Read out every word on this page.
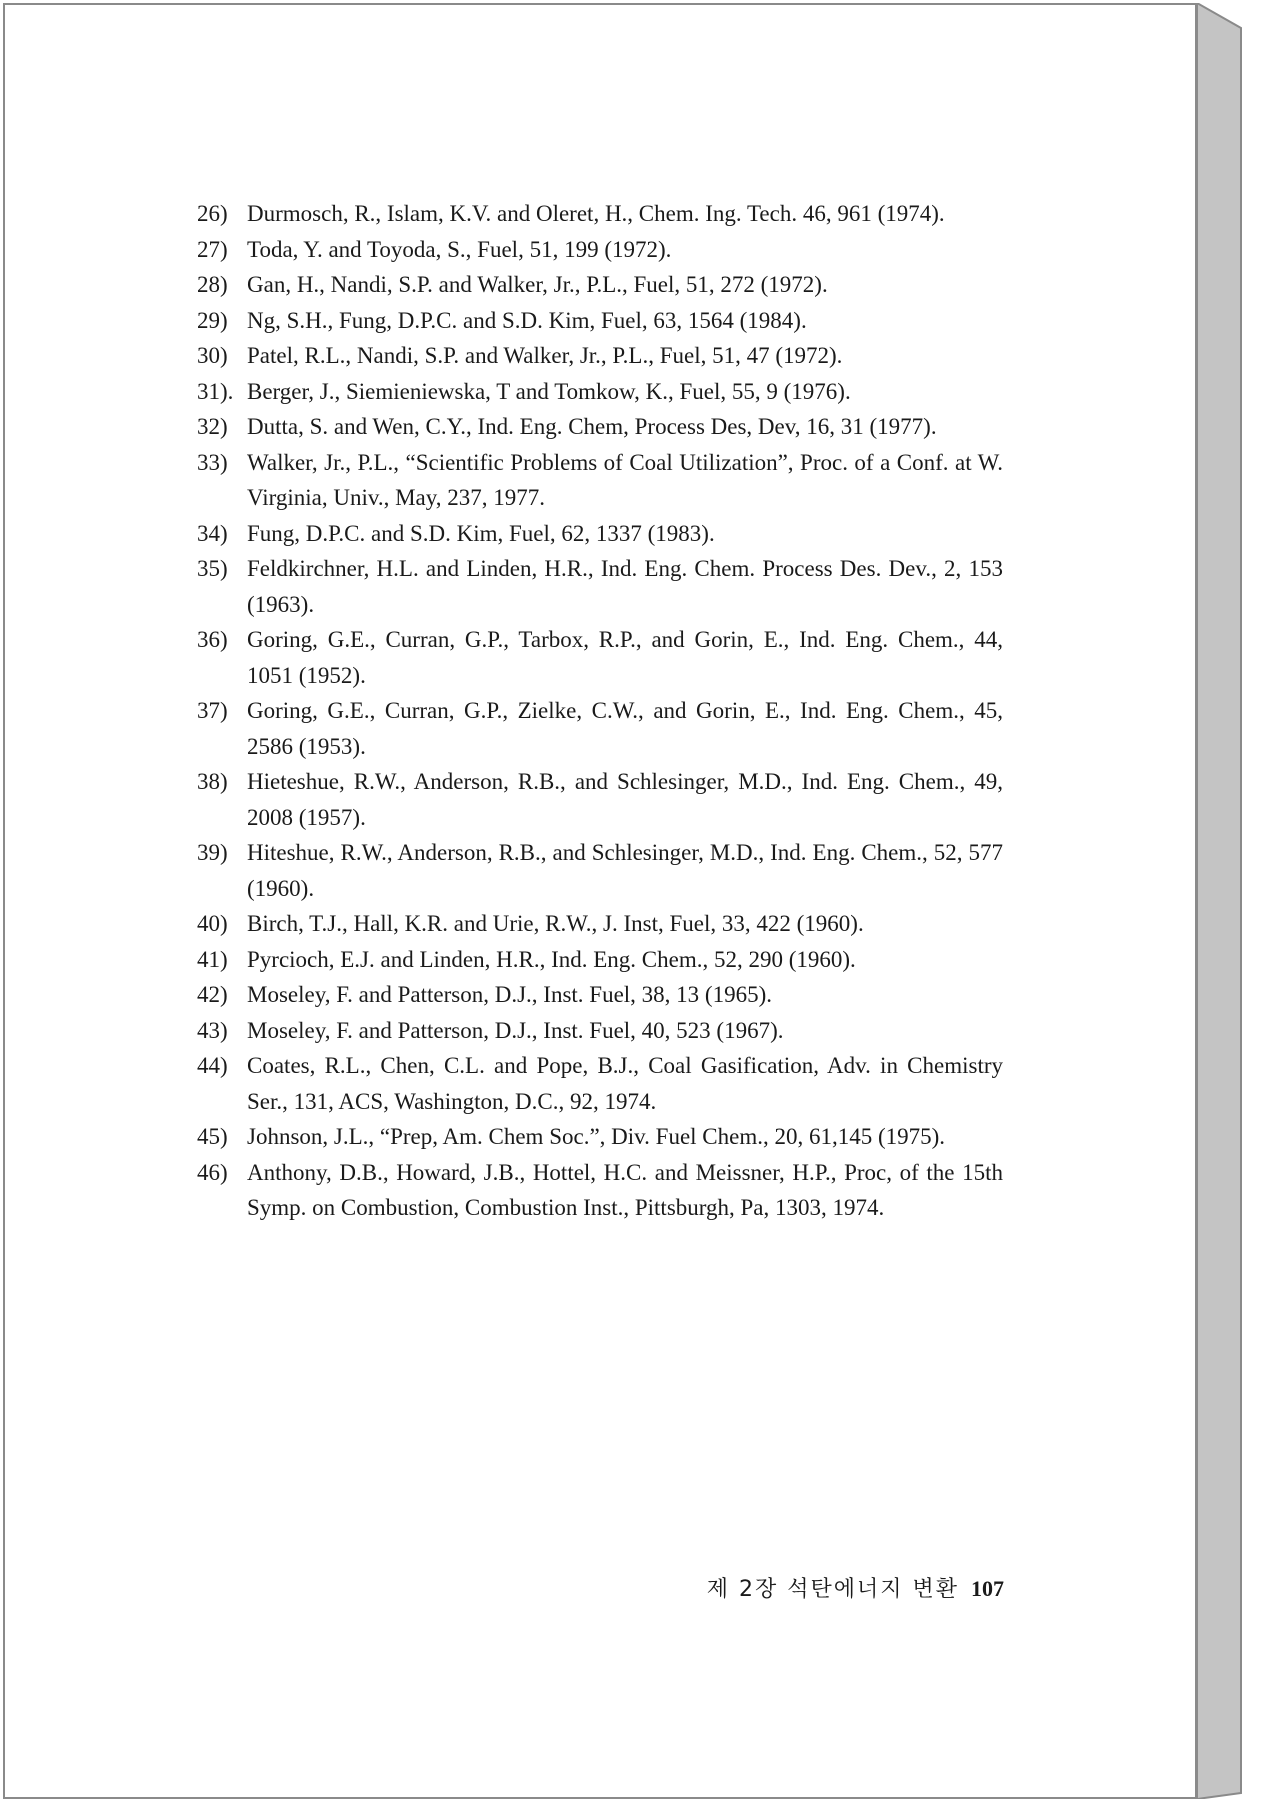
26) Durmosch, R., Islam, K.V. and Oleret, H., Chem. Ing. Tech. 46, 961 (1974).
27) Toda, Y. and Toyoda, S., Fuel, 51, 199 (1972).
28) Gan, H., Nandi, S.P. and Walker, Jr., P.L., Fuel, 51, 272 (1972).
29) Ng, S.H., Fung, D.P.C. and S.D. Kim, Fuel, 63, 1564 (1984).
30) Patel, R.L., Nandi, S.P. and Walker, Jr., P.L., Fuel, 51, 47 (1972).
31). Berger, J., Siemieniewska, T and Tomkow, K., Fuel, 55, 9 (1976).
32) Dutta, S. and Wen, C.Y., Ind. Eng. Chem, Process Des, Dev, 16, 31 (1977).
33) Walker, Jr., P.L., “Scientific Problems of Coal Utilization”, Proc. of a Conf. at W. Virginia, Univ., May, 237, 1977.
34) Fung, D.P.C. and S.D. Kim, Fuel, 62, 1337 (1983).
35) Feldkirchner, H.L. and Linden, H.R., Ind. Eng. Chem. Process Des. Dev., 2, 153 (1963).
36) Goring, G.E., Curran, G.P., Tarbox, R.P., and Gorin, E., Ind. Eng. Chem., 44, 1051 (1952).
37) Goring, G.E., Curran, G.P., Zielke, C.W., and Gorin, E., Ind. Eng. Chem., 45, 2586 (1953).
38) Hieteshue, R.W., Anderson, R.B., and Schlesinger, M.D., Ind. Eng. Chem., 49, 2008 (1957).
39) Hiteshue, R.W., Anderson, R.B., and Schlesinger, M.D., Ind. Eng. Chem., 52, 577 (1960).
40) Birch, T.J., Hall, K.R. and Urie, R.W., J. Inst, Fuel, 33, 422 (1960).
41) Pyrcioch, E.J. and Linden, H.R., Ind. Eng. Chem., 52, 290 (1960).
42) Moseley, F. and Patterson, D.J., Inst. Fuel, 38, 13 (1965).
43) Moseley, F. and Patterson, D.J., Inst. Fuel, 40, 523 (1967).
44) Coates, R.L., Chen, C.L. and Pope, B.J., Coal Gasification, Adv. in Chemistry Ser., 131, ACS, Washington, D.C., 92, 1974.
45) Johnson, J.L., “Prep, Am. Chem Soc.”, Div. Fuel Chem., 20, 61,145 (1975).
46) Anthony, D.B., Howard, J.B., Hottel, H.C. and Meissner, H.P., Proc, of the 15th Symp. on Combustion, Combustion Inst., Pittsburgh, Pa, 1303, 1974.
제 2장 석탄에너지 변환 107
